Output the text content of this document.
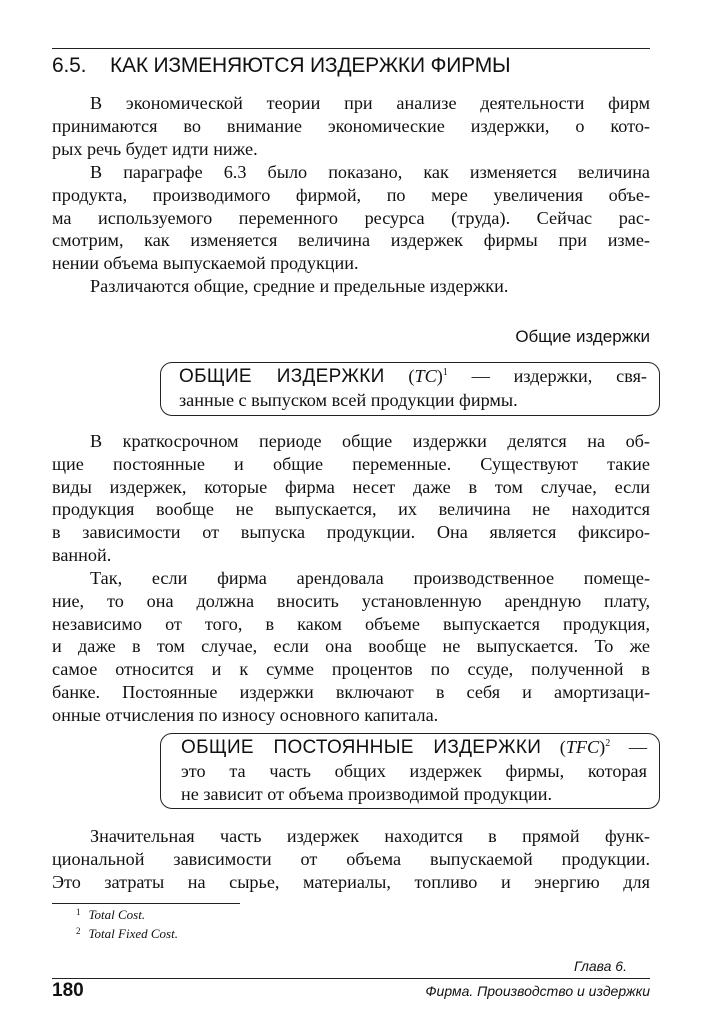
6.5. КАК ИЗМЕНЯЮТСЯ ИЗДЕРЖКИ ФИРМЫ
В экономической теории при анализе деятельности фирм
принимаются во внимание экономические издержки, о кото-
рых речь будет идти ниже.
В параграфе 6.3 было показано, как изменяется величина
продукта, производимого фирмой, по мере увеличения объе-
ма используемого переменного ресурса (труда). Сейчас рас-
смотрим, как изменяется величина издержек фирмы при изме-
нении объема выпускаемой продукции.
Различаются общие, средние и предельные издержки.
Общие издержки
ОБЩИЕ ИЗДЕРЖКИ (TC)$^1$ — издержки, свя-
занные с выпуском всей продукции фирмы.
В краткосрочном периоде общие издержки делятся на об-
щие постоянные и общие переменные. Существуют такие
виды издержек, которые фирма несет даже в том случае, если
продукция вообще не выпускается, их величина не находится
в зависимости от выпуска продукции. Она является фиксиро-
ванной.
Так, если фирма арендовала производственное помеще-
ние, то она должна вносить установленную арендную плату,
независимо от того, в каком объеме выпускается продукция,
и даже в том случае, если она вообще не выпускается. То же
самое относится и к сумме процентов по ссуде, полученной в
банке. Постоянные издержки включают в себя и амортизаци-
онные отчисления по износу основного капитала.
ОБЩИЕ ПОСТОЯННЫЕ ИЗДЕРЖКИ (TFC)$^2$ —
это та часть общих издержек фирмы, которая
не зависит от объема производимой продукции.
Значительная часть издержек находится в прямой функ-
циональной зависимости от объема выпускаемой продукции.
Это затраты на сырье, материалы, топливо и энергию для
$^1$ Total Cost.
$^2$ Total Fixed Cost.
Глава 6.
180	Фирма. Производство и издержки
